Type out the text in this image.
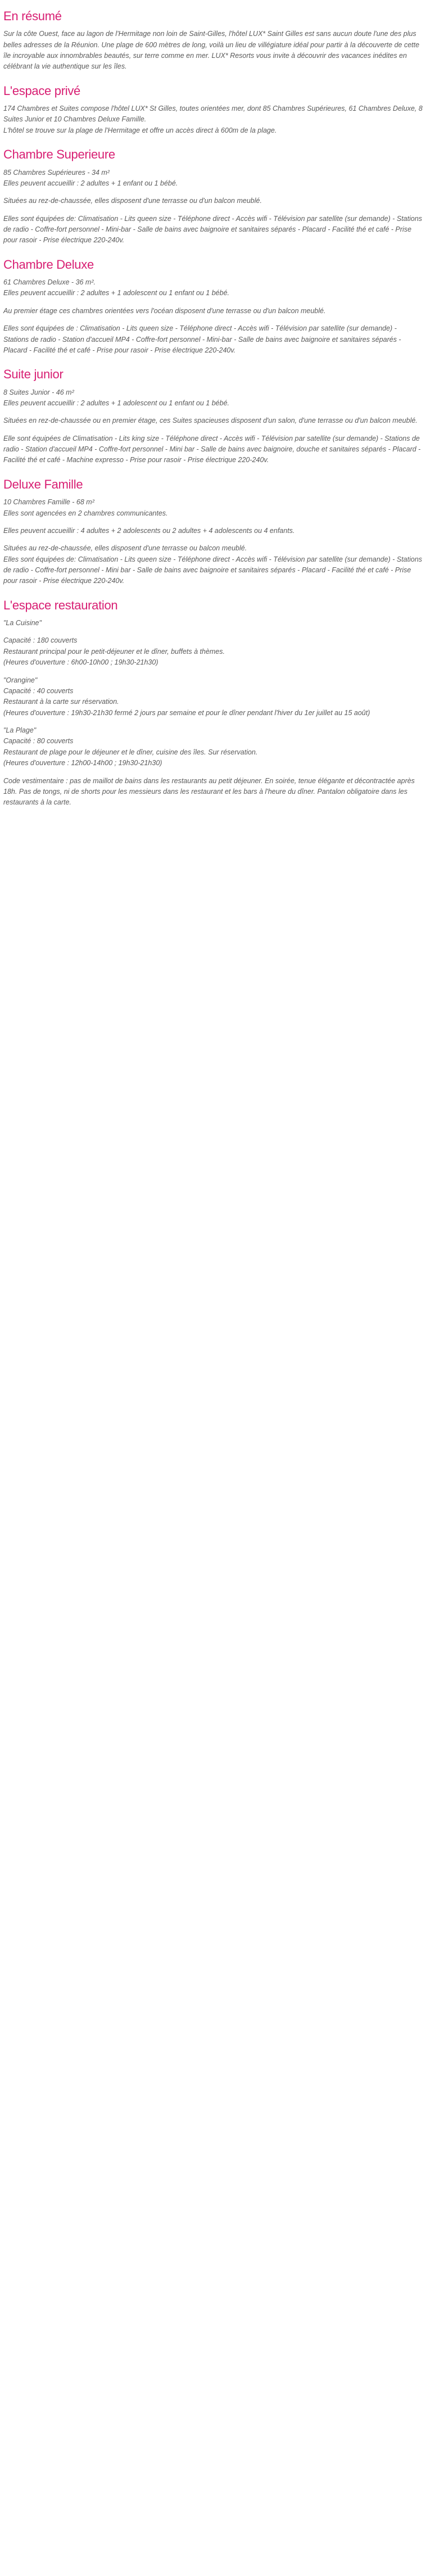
En résumé

Sur la côte Ouest, face au lagon de l'Hermitage non loin de Saint-Gilles, l'hôtel LUX* Saint Gilles est sans aucun doute l'une des plus belles adresses de la Réunion. Une plage de 600 mètres de long, voilà un lieu de villégiature idéal pour partir à la découverte de cette île incroyable aux innombrables beautés, sur terre comme en mer. LUX* Resorts vous invite à découvrir des vacances inédites en célébrant la vie authentique sur les îles.

L'espace privé
174 Chambres et Suites compose l'hôtel LUX* St Gilles, toutes orientées mer, dont 85 Chambres Supérieures, 61 Chambres Deluxe, 8 Suites Junior et 10 Chambres Deluxe Famille.
L'hôtel se trouve sur la plage de l'Hermitage et offre un accès direct à 600m de la plage.
Chambre Superieure
85 Chambres Supérieures - 34 m²
Elles peuvent accueillir : 2 adultes + 1 enfant ou 1 bébé.

Situées au rez-de-chaussée, elles disposent d'une terrasse ou d'un balcon meublé.

Elles sont équipées de: Climatisation - Lits queen size - Téléphone direct - Accès wifi - Télévision par satellite (sur demande) - Stations de radio - Coffre-fort personnel - Mini-bar - Salle de bains avec baignoire et sanitaires séparés - Placard - Facilité thé et café - Prise pour rasoir - Prise électrique 220-240v.

Chambre Deluxe
61 Chambres Deluxe - 36 m².
Elles peuvent accueillir : 2 adultes + 1 adolescent ou 1 enfant ou 1 bébé.

Au premier étage ces chambres orientées vers l'océan disposent d'une terrasse ou d'un balcon meublé.

Elles sont équipées de : Climatisation - Lits queen size - Téléphone direct - Accès wifi - Télévision par satellite (sur demande) - Stations de radio - Station d'accueil MP4 - Coffre-fort personnel - Mini-bar - Salle de bains avec baignoire et sanitaires séparés - Placard - Facilité thé et café - Prise pour rasoir - Prise électrique 220-240v.

Suite junior
8 Suites Junior - 46 m²
Elles peuvent accueillir : 2 adultes + 1 adolescent ou 1 enfant ou 1 bébé.

Situées en rez-de-chaussée ou en premier étage, ces Suites spacieuses disposent d'un salon, d'une terrasse ou d'un balcon meublé.

Elle sont équipées de Climatisation - Lits king size - Téléphone direct - Accès wifi - Télévision par satellite (sur demande) - Stations de radio - Station d'accueil MP4 - Coffre-fort personnel - Mini bar - Salle de bains avec baignoire, douche et sanitaires séparés - Placard - Facilité thé et café - Machine expresso - Prise pour rasoir - Prise électrique 220-240v.

Deluxe Famille
10 Chambres Famille - 68 m²
Elles sont agencées en 2 chambres communicantes.

Elles peuvent accueillir : 4 adultes + 2 adolescents ou 2 adultes + 4 adolescents ou 4 enfants.

Situées au rez-de-chaussée, elles disposent d'une terrasse ou balcon meublé.
Elles sont équipées de: Climatisation - Lits queen size - Téléphone direct - Accès wifi - Télévision par satellite (sur demande) - Stations de radio - Coffre-fort personnel - Mini bar - Salle de bains avec baignoire et sanitaires séparés - Placard - Facilité thé et café - Prise pour rasoir - Prise électrique 220-240v.
L'espace restauration
"La Cuisine"
Capacité : 180 couverts
Restaurant principal pour le petit-déjeuner et le dîner, buffets à thèmes.
(Heures d'ouverture : 6h00-10h00 ; 19h30-21h30)
"Orangine"
Capacité : 40 couverts
Restaurant à la carte sur réservation.
(Heures d'ouverture : 19h30-21h30 fermé 2 jours par semaine et pour le dîner pendant l'hiver du 1er juillet au 15 août)
"La Plage"
Capacité : 80 couverts
Restaurant de plage pour le déjeuner et le dîner, cuisine des îles. Sur réservation.
(Heures d'ouverture : 12h00-14h00 ; 19h30-21h30)

Code vestimentaire : pas de maillot de bains dans les restaurants au petit déjeuner. En soirée, tenue élégante et décontractée après 18h. Pas de tongs, ni de shorts pour les messieurs dans les restaurant et les bars à l'heure du dîner. Pantalon obligatoire dans les restaurants à la carte.
